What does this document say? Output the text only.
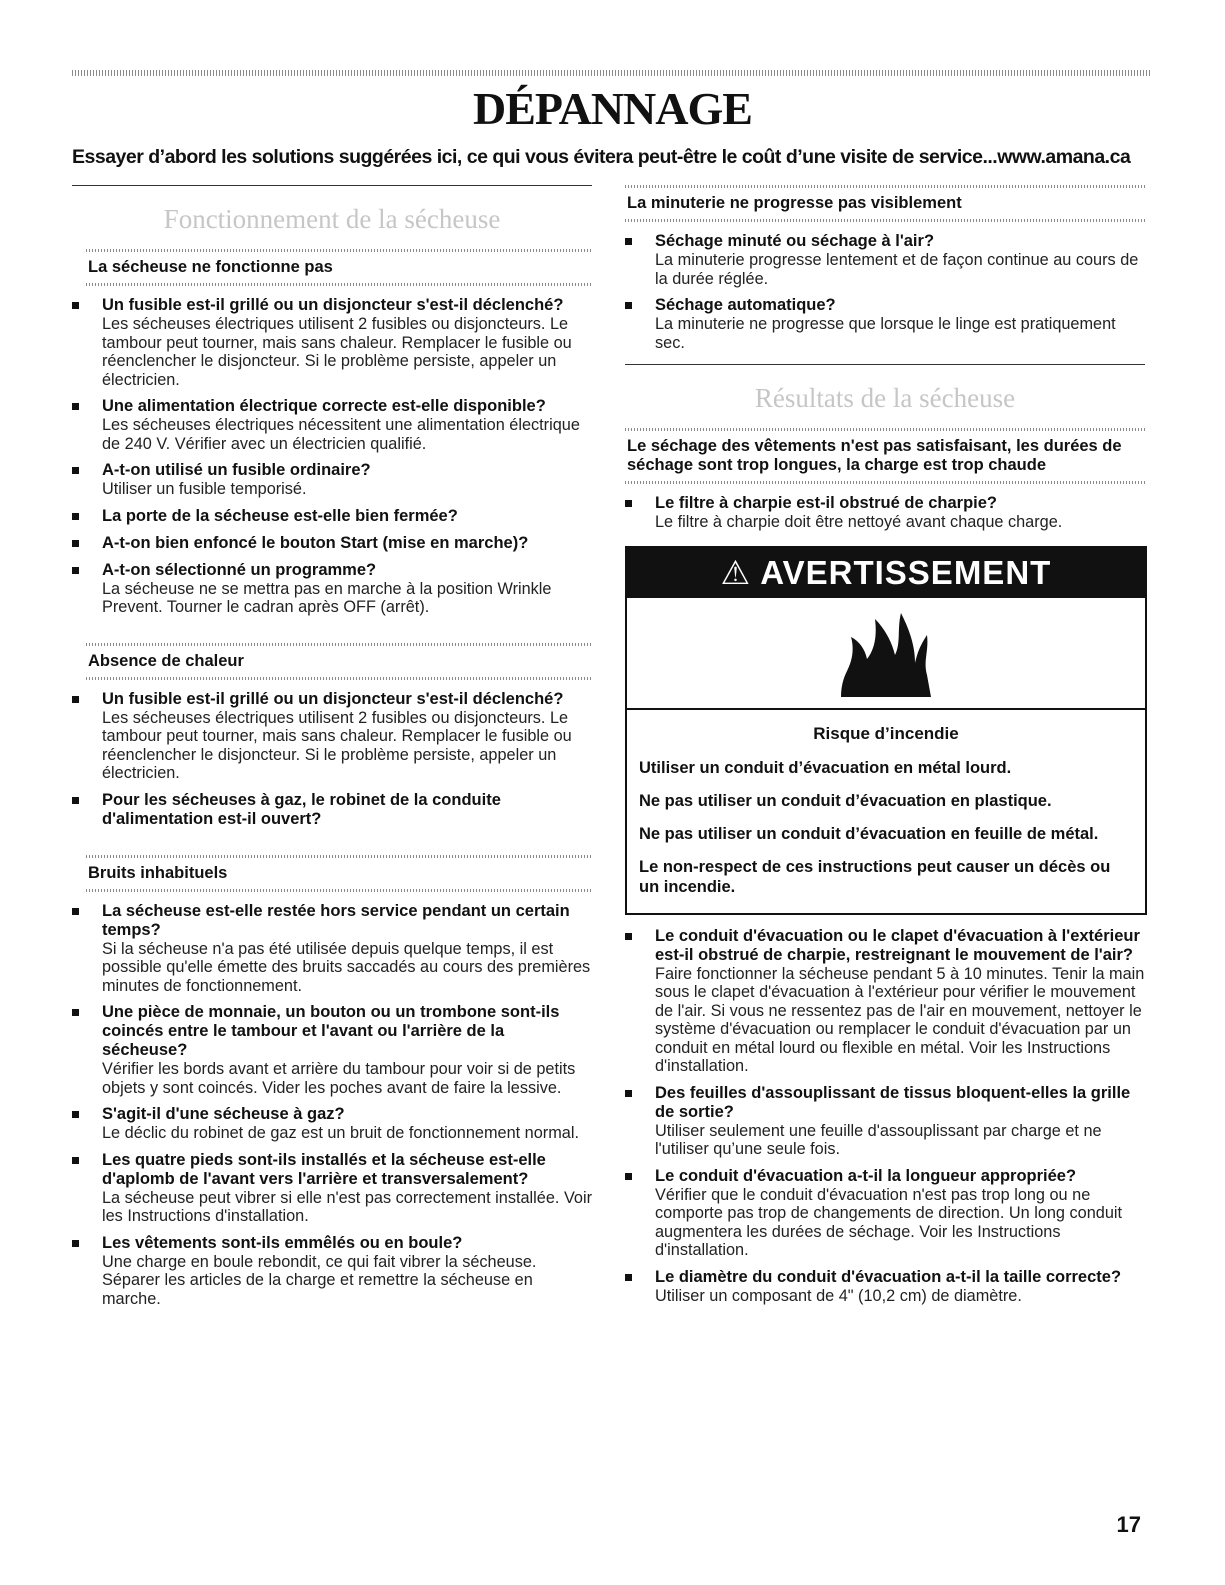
DÉPANNAGE

Essayer d’abord les solutions suggérées ici, ce qui vous évitera peut-être le coût d’une visite de service...www.amana.ca

Fonctionnement de la sécheuse
La sécheuse ne fonctionne pas
Un fusible est-il grillé ou un disjoncteur s'est-il déclenché?
Les sécheuses électriques utilisent 2 fusibles ou disjoncteurs. Le tambour peut tourner, mais sans chaleur. Remplacer le fusible ou réenclencher le disjoncteur. Si le problème persiste, appeler un électricien.
Une alimentation électrique correcte est-elle disponible?
Les sécheuses électriques nécessitent une alimentation électrique de 240 V. Vérifier avec un électricien qualifié.
A-t-on utilisé un fusible ordinaire?
Utiliser un fusible temporisé.
La porte de la sécheuse est-elle bien fermée?
A-t-on bien enfoncé le bouton Start (mise en marche)?
A-t-on sélectionné un programme?
La sécheuse ne se mettra pas en marche à la position Wrinkle Prevent. Tourner le cadran après OFF (arrêt).
Absence de chaleur
Un fusible est-il grillé ou un disjoncteur s'est-il déclenché?
Les sécheuses électriques utilisent 2 fusibles ou disjoncteurs. Le tambour peut tourner, mais sans chaleur. Remplacer le fusible ou réenclencher le disjoncteur. Si le problème persiste, appeler un électricien.
Pour les sécheuses à gaz, le robinet de la conduite d'alimentation est-il ouvert?
Bruits inhabituels
La sécheuse est-elle restée hors service pendant un certain temps?
Si la sécheuse n'a pas été utilisée depuis quelque temps, il est possible qu'elle émette des bruits saccadés au cours des premières minutes de fonctionnement.
Une pièce de monnaie, un bouton ou un trombone sont-ils coincés entre le tambour et l'avant ou l'arrière de la sécheuse?
Vérifier les bords avant et arrière du tambour pour voir si de petits objets y sont coincés. Vider les poches avant de faire la lessive.
S'agit-il d'une sécheuse à gaz?
Le déclic du robinet de gaz est un bruit de fonctionnement normal.
Les quatre pieds sont-ils installés et la sécheuse est-elle d'aplomb de l'avant vers l'arrière et transversalement?
La sécheuse peut vibrer si elle n'est pas correctement installée. Voir les Instructions d'installation.
Les vêtements sont-ils emmêlés ou en boule?
Une charge en boule rebondit, ce qui fait vibrer la sécheuse. Séparer les articles de la charge et remettre la sécheuse en marche.
La minuterie ne progresse pas visiblement
Séchage minuté ou séchage à l'air?
La minuterie progresse lentement et de façon continue au cours de la durée réglée.
Séchage automatique?
La minuterie ne progresse que lorsque le linge est pratiquement sec.
Résultats de la sécheuse
Le séchage des vêtements n'est pas satisfaisant, les durées de séchage sont trop longues, la charge est trop chaude
Le filtre à charpie est-il obstrué de charpie?
Le filtre à charpie doit être nettoyé avant chaque charge.
⚠ AVERTISSEMENT

Risque d’incendie

Utiliser un conduit d’évacuation en métal lourd.

Ne pas utiliser un conduit d’évacuation en plastique.

Ne pas utiliser un conduit d’évacuation en feuille de métal.

Le non-respect de ces instructions peut causer un décès ou un incendie.

Le conduit d'évacuation ou le clapet d'évacuation à l'extérieur est-il obstrué de charpie, restreignant le mouvement de l'air?
Faire fonctionner la sécheuse pendant 5 à 10 minutes. Tenir la main sous le clapet d'évacuation à l'extérieur pour vérifier le mouvement de l'air. Si vous ne ressentez pas de l'air en mouvement, nettoyer le système d'évacuation ou remplacer le conduit d'évacuation par un conduit en métal lourd ou flexible en métal. Voir les Instructions d'installation.
Des feuilles d'assouplissant de tissus bloquent-elles la grille de sortie?
Utiliser seulement une feuille d'assouplissant par charge et ne l'utiliser qu’une seule fois.
Le conduit d'évacuation a-t-il la longueur appropriée?
Vérifier que le conduit d'évacuation n'est pas trop long ou ne comporte pas trop de changements de direction. Un long conduit augmentera les durées de séchage. Voir les Instructions d'installation.
Le diamètre du conduit d'évacuation a-t-il la taille correcte?
Utiliser un composant de 4" (10,2 cm) de diamètre.
17
